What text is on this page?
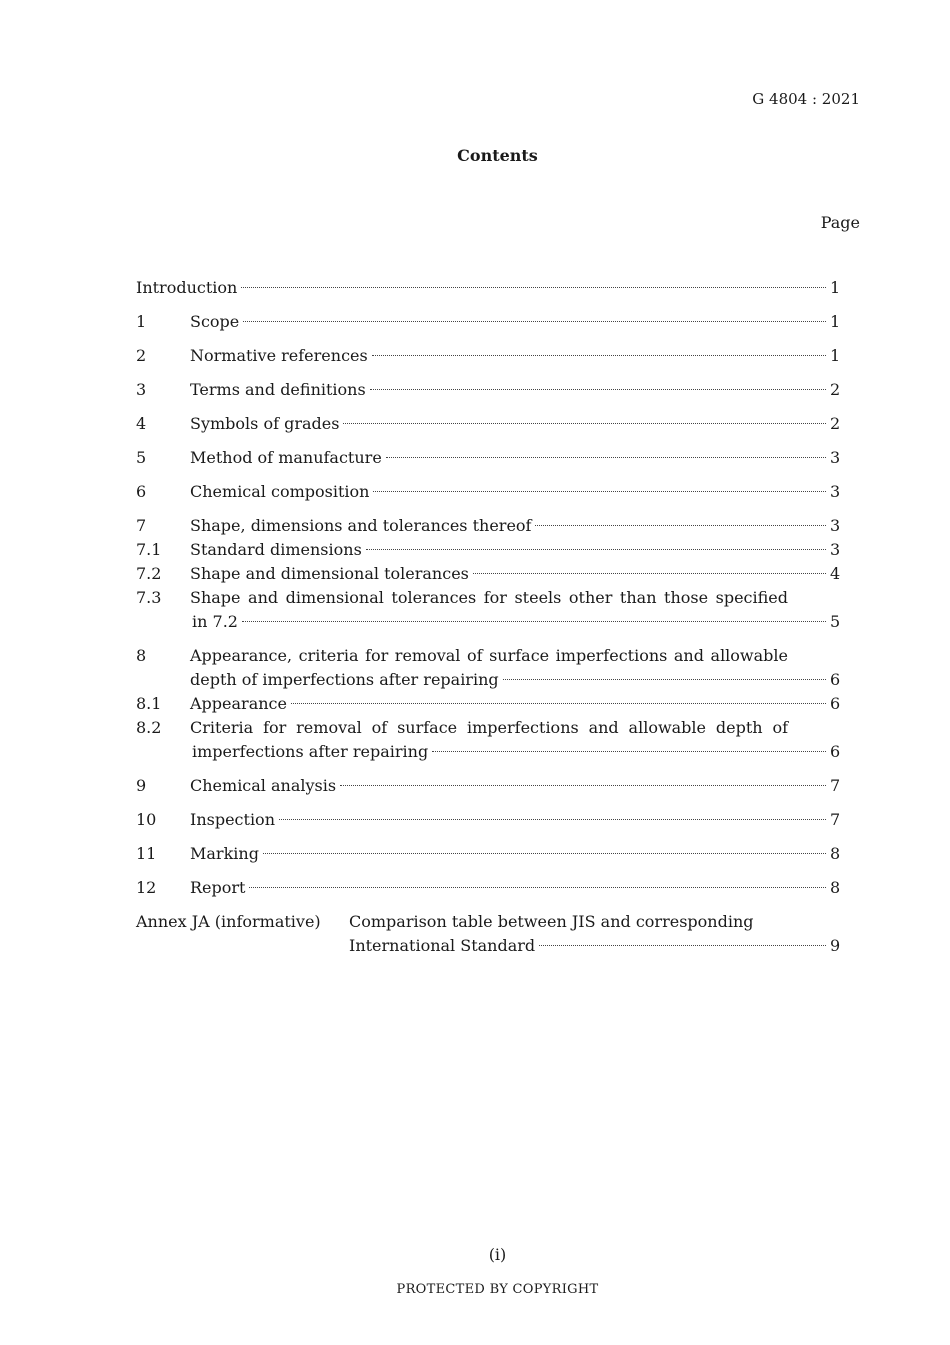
G 4804 : 2021
Contents
Page
Introduction	1
1	Scope	1
2	Normative references	1
3	Terms and definitions	2
4	Symbols of grades	2
5	Method of manufacture	3
6	Chemical composition	3
7	Shape, dimensions and tolerances thereof	3
7.1	Standard dimensions	3
7.2	Shape and dimensional tolerances	4
7.3	Shape and dimensional tolerances for steels other than those specified
in 7.2	5
8	Appearance, criteria for removal of surface imperfections and allowable
depth of imperfections after repairing	6
8.1	Appearance	6
8.2	Criteria for removal of surface imperfections and allowable depth of
imperfections after repairing	6
9	Chemical analysis	7
10	Inspection	7
11	Marking	8
12	Report	8
Annex JA (informative)	Comparison table between JIS and corresponding
International Standard	9
(i)
PROTECTED BY COPYRIGHT
